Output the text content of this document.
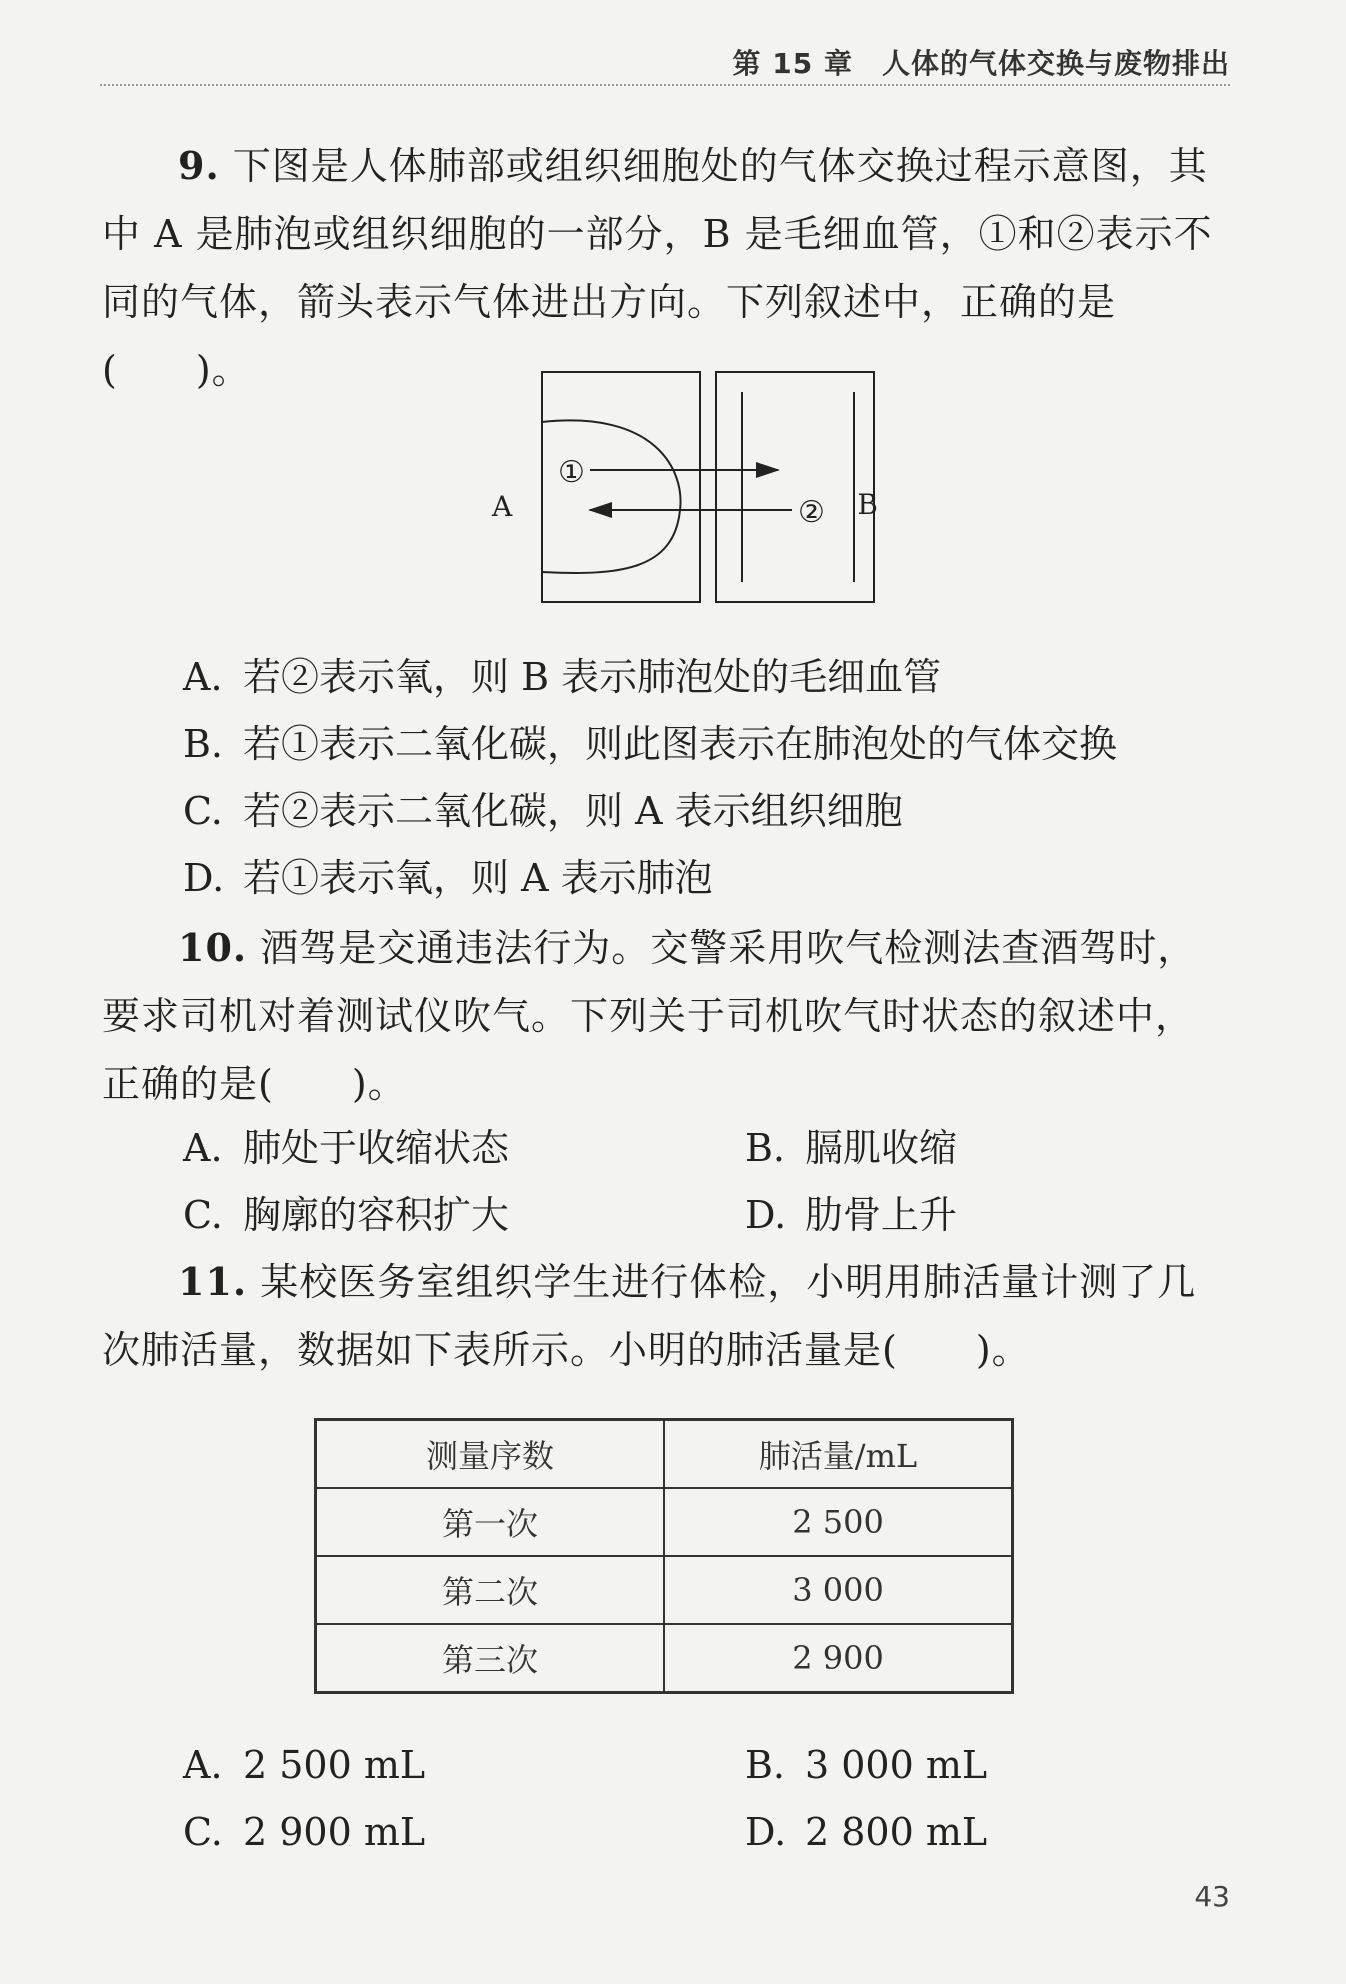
第 15 章　人体的气体交换与废物排出
9. 下图是人体肺部或组织细胞处的气体交换过程示意图，其中 A 是肺泡或组织细胞的一部分，B 是毛细血管，①和②表示不同的气体，箭头表示气体进出方向。下列叙述中，正确的是(　　)。
A	B
①
②
A. 若②表示氧，则 B 表示肺泡处的毛细血管
B. 若①表示二氧化碳，则此图表示在肺泡处的气体交换
C. 若②表示二氧化碳，则 A 表示组织细胞
D. 若①表示氧，则 A 表示肺泡
10. 酒驾是交通违法行为。交警采用吹气检测法查酒驾时，要求司机对着测试仪吹气。下列关于司机吹气时状态的叙述中，正确的是(　　)。
A. 肺处于收缩状态	B. 膈肌收缩
C. 胸廓的容积扩大	D. 肋骨上升
11. 某校医务室组织学生进行体检，小明用肺活量计测了几次肺活量，数据如下表所示。小明的肺活量是(　　)。
测量序数	肺活量/mL
第一次	2 500
第二次	3 000
第三次	2 900
A. 2 500 mL	B. 3 000 mL
C. 2 900 mL	D. 2 800 mL
43
